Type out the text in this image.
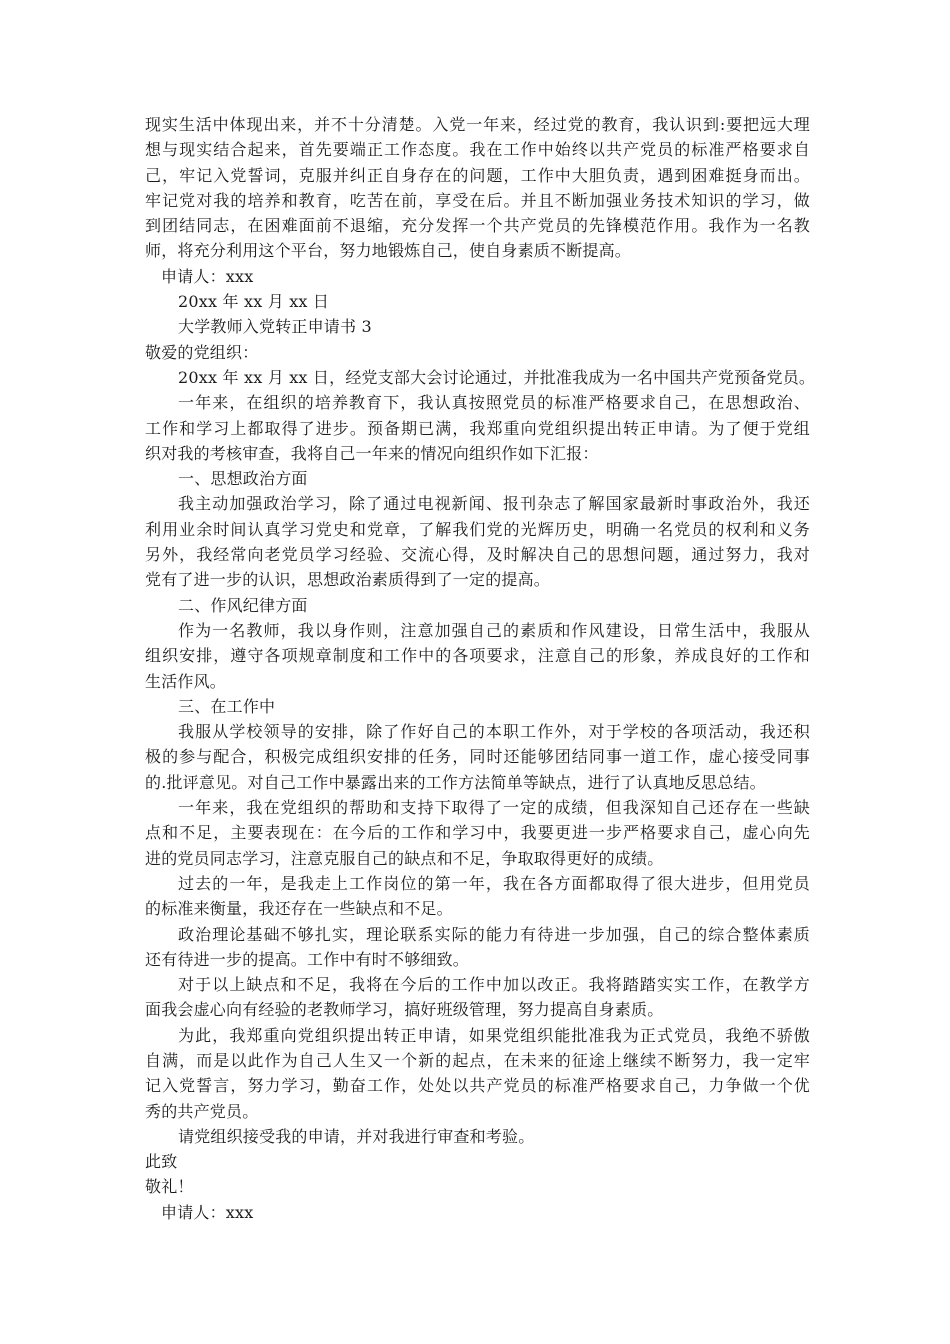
现实生活中体现出来，并不十分清楚。入党一年来，经过党的教育，我认识到:要把远大理
想与现实结合起来，首先要端正工作态度。我在工作中始终以共产党员的标准严格要求自
己，牢记入党誓词，克服并纠正自身存在的问题，工作中大胆负责，遇到困难挺身而出。
牢记党对我的培养和教育，吃苦在前，享受在后。并且不断加强业务技术知识的学习，做
到团结同志，在困难面前不退缩，充分发挥一个共产党员的先锋模范作用。我作为一名教
师，将充分利用这个平台，努力地锻炼自己，使自身素质不断提高。
申请人：xxx
20xx 年 xx 月 xx 日
大学教师入党转正申请书 3
敬爱的党组织：
20xx 年 xx 月 xx 日，经党支部大会讨论通过，并批准我成为一名中国共产党预备党员。
一年来，在组织的培养教育下，我认真按照党员的标准严格要求自己，在思想政治、
工作和学习上都取得了进步。预备期已满，我郑重向党组织提出转正申请。为了便于党组
织对我的考核审查，我将自己一年来的情况向组织作如下汇报：
一、思想政治方面
我主动加强政治学习，除了通过电视新闻、报刊杂志了解国家最新时事政治外，我还
利用业余时间认真学习党史和党章，了解我们党的光辉历史，明确一名党员的权利和义务
另外，我经常向老党员学习经验、交流心得，及时解决自己的思想问题，通过努力，我对
党有了进一步的认识，思想政治素质得到了一定的提高。
二、作风纪律方面
作为一名教师，我以身作则，注意加强自己的素质和作风建设，日常生活中，我服从
组织安排，遵守各项规章制度和工作中的各项要求，注意自己的形象，养成良好的工作和
生活作风。
三、在工作中
我服从学校领导的安排，除了作好自己的本职工作外，对于学校的各项活动，我还积
极的参与配合，积极完成组织安排的任务，同时还能够团结同事一道工作，虚心接受同事
的.批评意见。对自己工作中暴露出来的工作方法简单等缺点，进行了认真地反思总结。
一年来，我在党组织的帮助和支持下取得了一定的成绩，但我深知自己还存在一些缺
点和不足，主要表现在：在今后的工作和学习中，我要更进一步严格要求自己，虚心向先
进的党员同志学习，注意克服自己的缺点和不足，争取取得更好的成绩。
过去的一年，是我走上工作岗位的第一年，我在各方面都取得了很大进步，但用党员
的标准来衡量，我还存在一些缺点和不足。
政治理论基础不够扎实，理论联系实际的能力有待进一步加强，自己的综合整体素质
还有待进一步的提高。工作中有时不够细致。
对于以上缺点和不足，我将在今后的工作中加以改正。我将踏踏实实工作，在教学方
面我会虚心向有经验的老教师学习，搞好班级管理，努力提高自身素质。
为此，我郑重向党组织提出转正申请，如果党组织能批准我为正式党员，我绝不骄傲
自满，而是以此作为自己人生又一个新的起点，在未来的征途上继续不断努力，我一定牢
记入党誓言，努力学习，勤奋工作，处处以共产党员的标准严格要求自己，力争做一个优
秀的共产党员。
请党组织接受我的申请，并对我进行审查和考验。
此致
敬礼！
申请人：xxx
